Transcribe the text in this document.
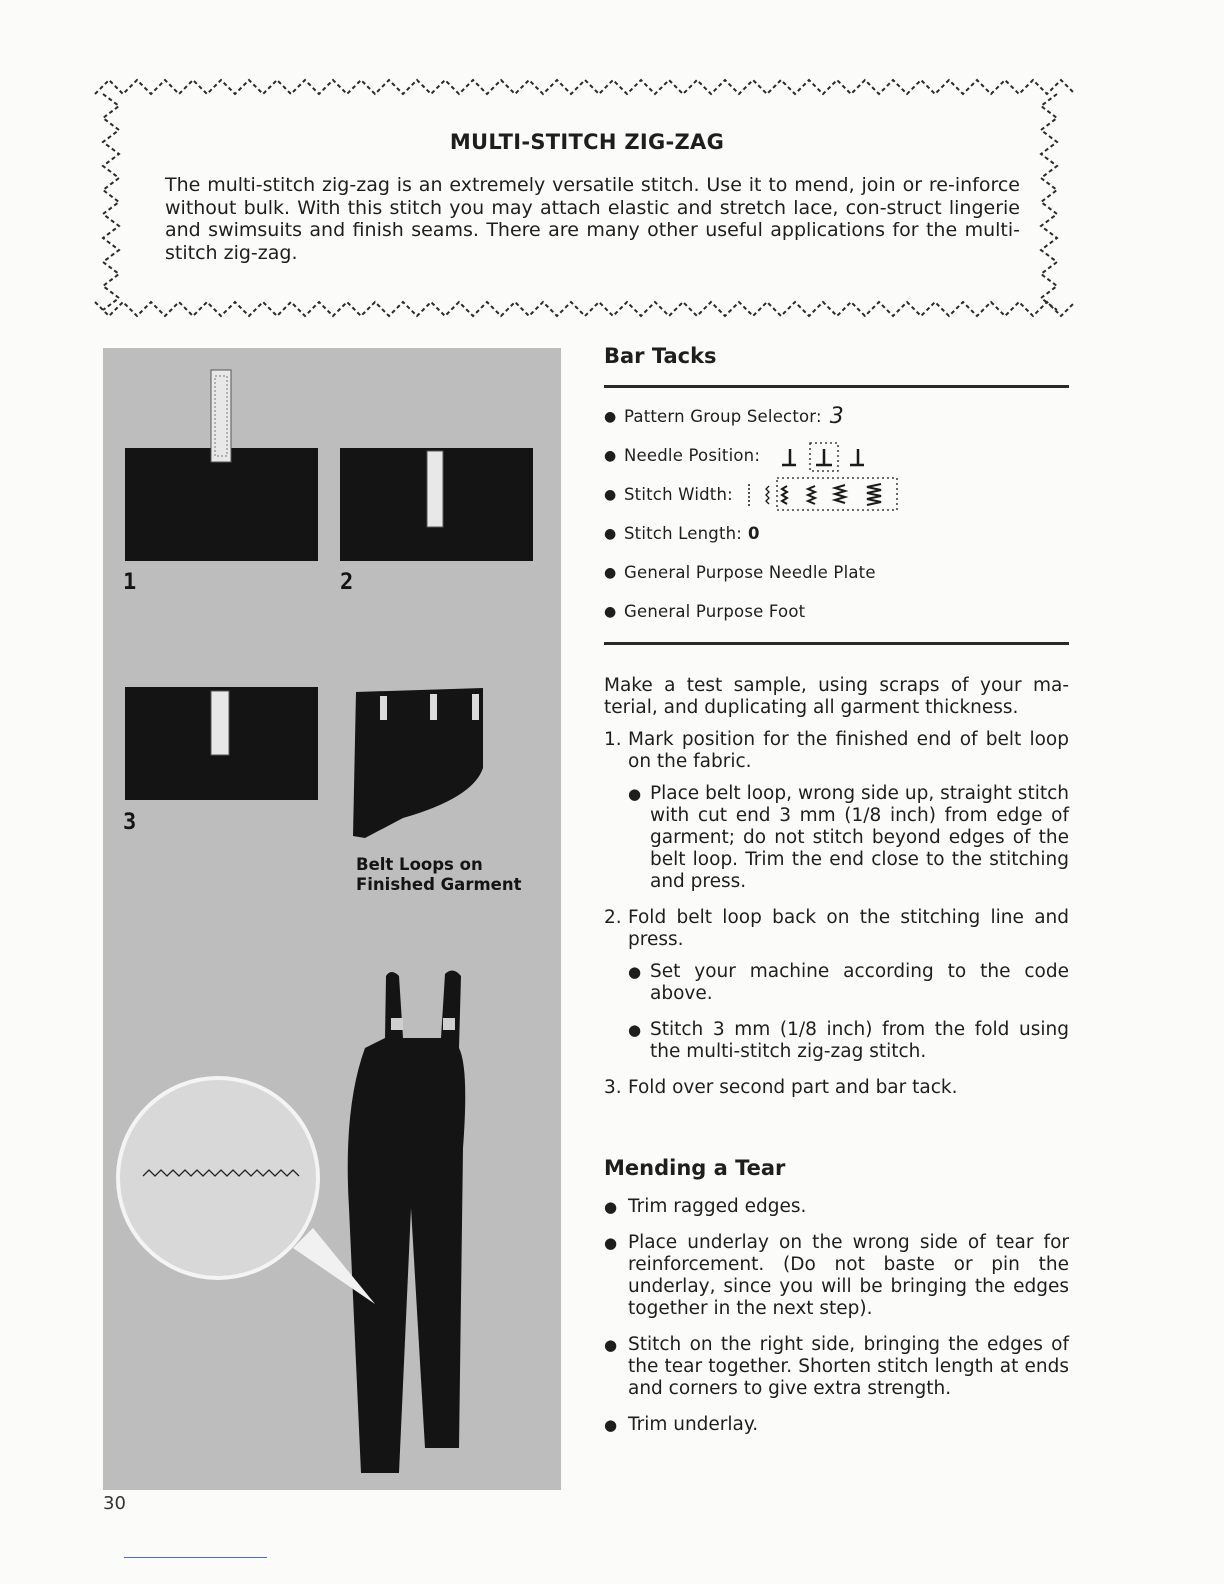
MULTI-STITCH ZIG-ZAG
The multi-stitch zig-zag is an extremely versatile stitch. Use it to mend, join or re-inforce without bulk. With this stitch you may attach elastic and stretch lace, con-struct lingerie and swimsuits and finish seams. There are many other useful applications for the multi-stitch zig-zag.
1	2
3
Belt Loops on
Finished Garment
Bar Tacks
● Pattern Group Selector: 3
● Needle Position:
● Stitch Width:
● Stitch Length: 0
● General Purpose Needle Plate
● General Purpose Foot

Make a test sample, using scraps of your ma-terial, and duplicating all garment thickness.

1. Mark position for the finished end of belt loop on the fabric.
● Place belt loop, wrong side up, straight stitch with cut end 3 mm (1/8 inch) from edge of garment; do not stitch beyond edges of the belt loop. Trim the end close to the stitching and press.
2. Fold belt loop back on the stitching line and press.
● Set your machine according to the code above.
● Stitch 3 mm (1/8 inch) from the fold using the multi-stitch zig-zag stitch.
3. Fold over second part and bar tack.
Mending a Tear
● Trim ragged edges.
● Place underlay on the wrong side of tear for reinforcement. (Do not baste or pin the underlay, since you will be bringing the edges together in the next step).
● Stitch on the right side, bringing the edges of the tear together. Shorten stitch length at ends and corners to give extra strength.
● Trim underlay.
30
